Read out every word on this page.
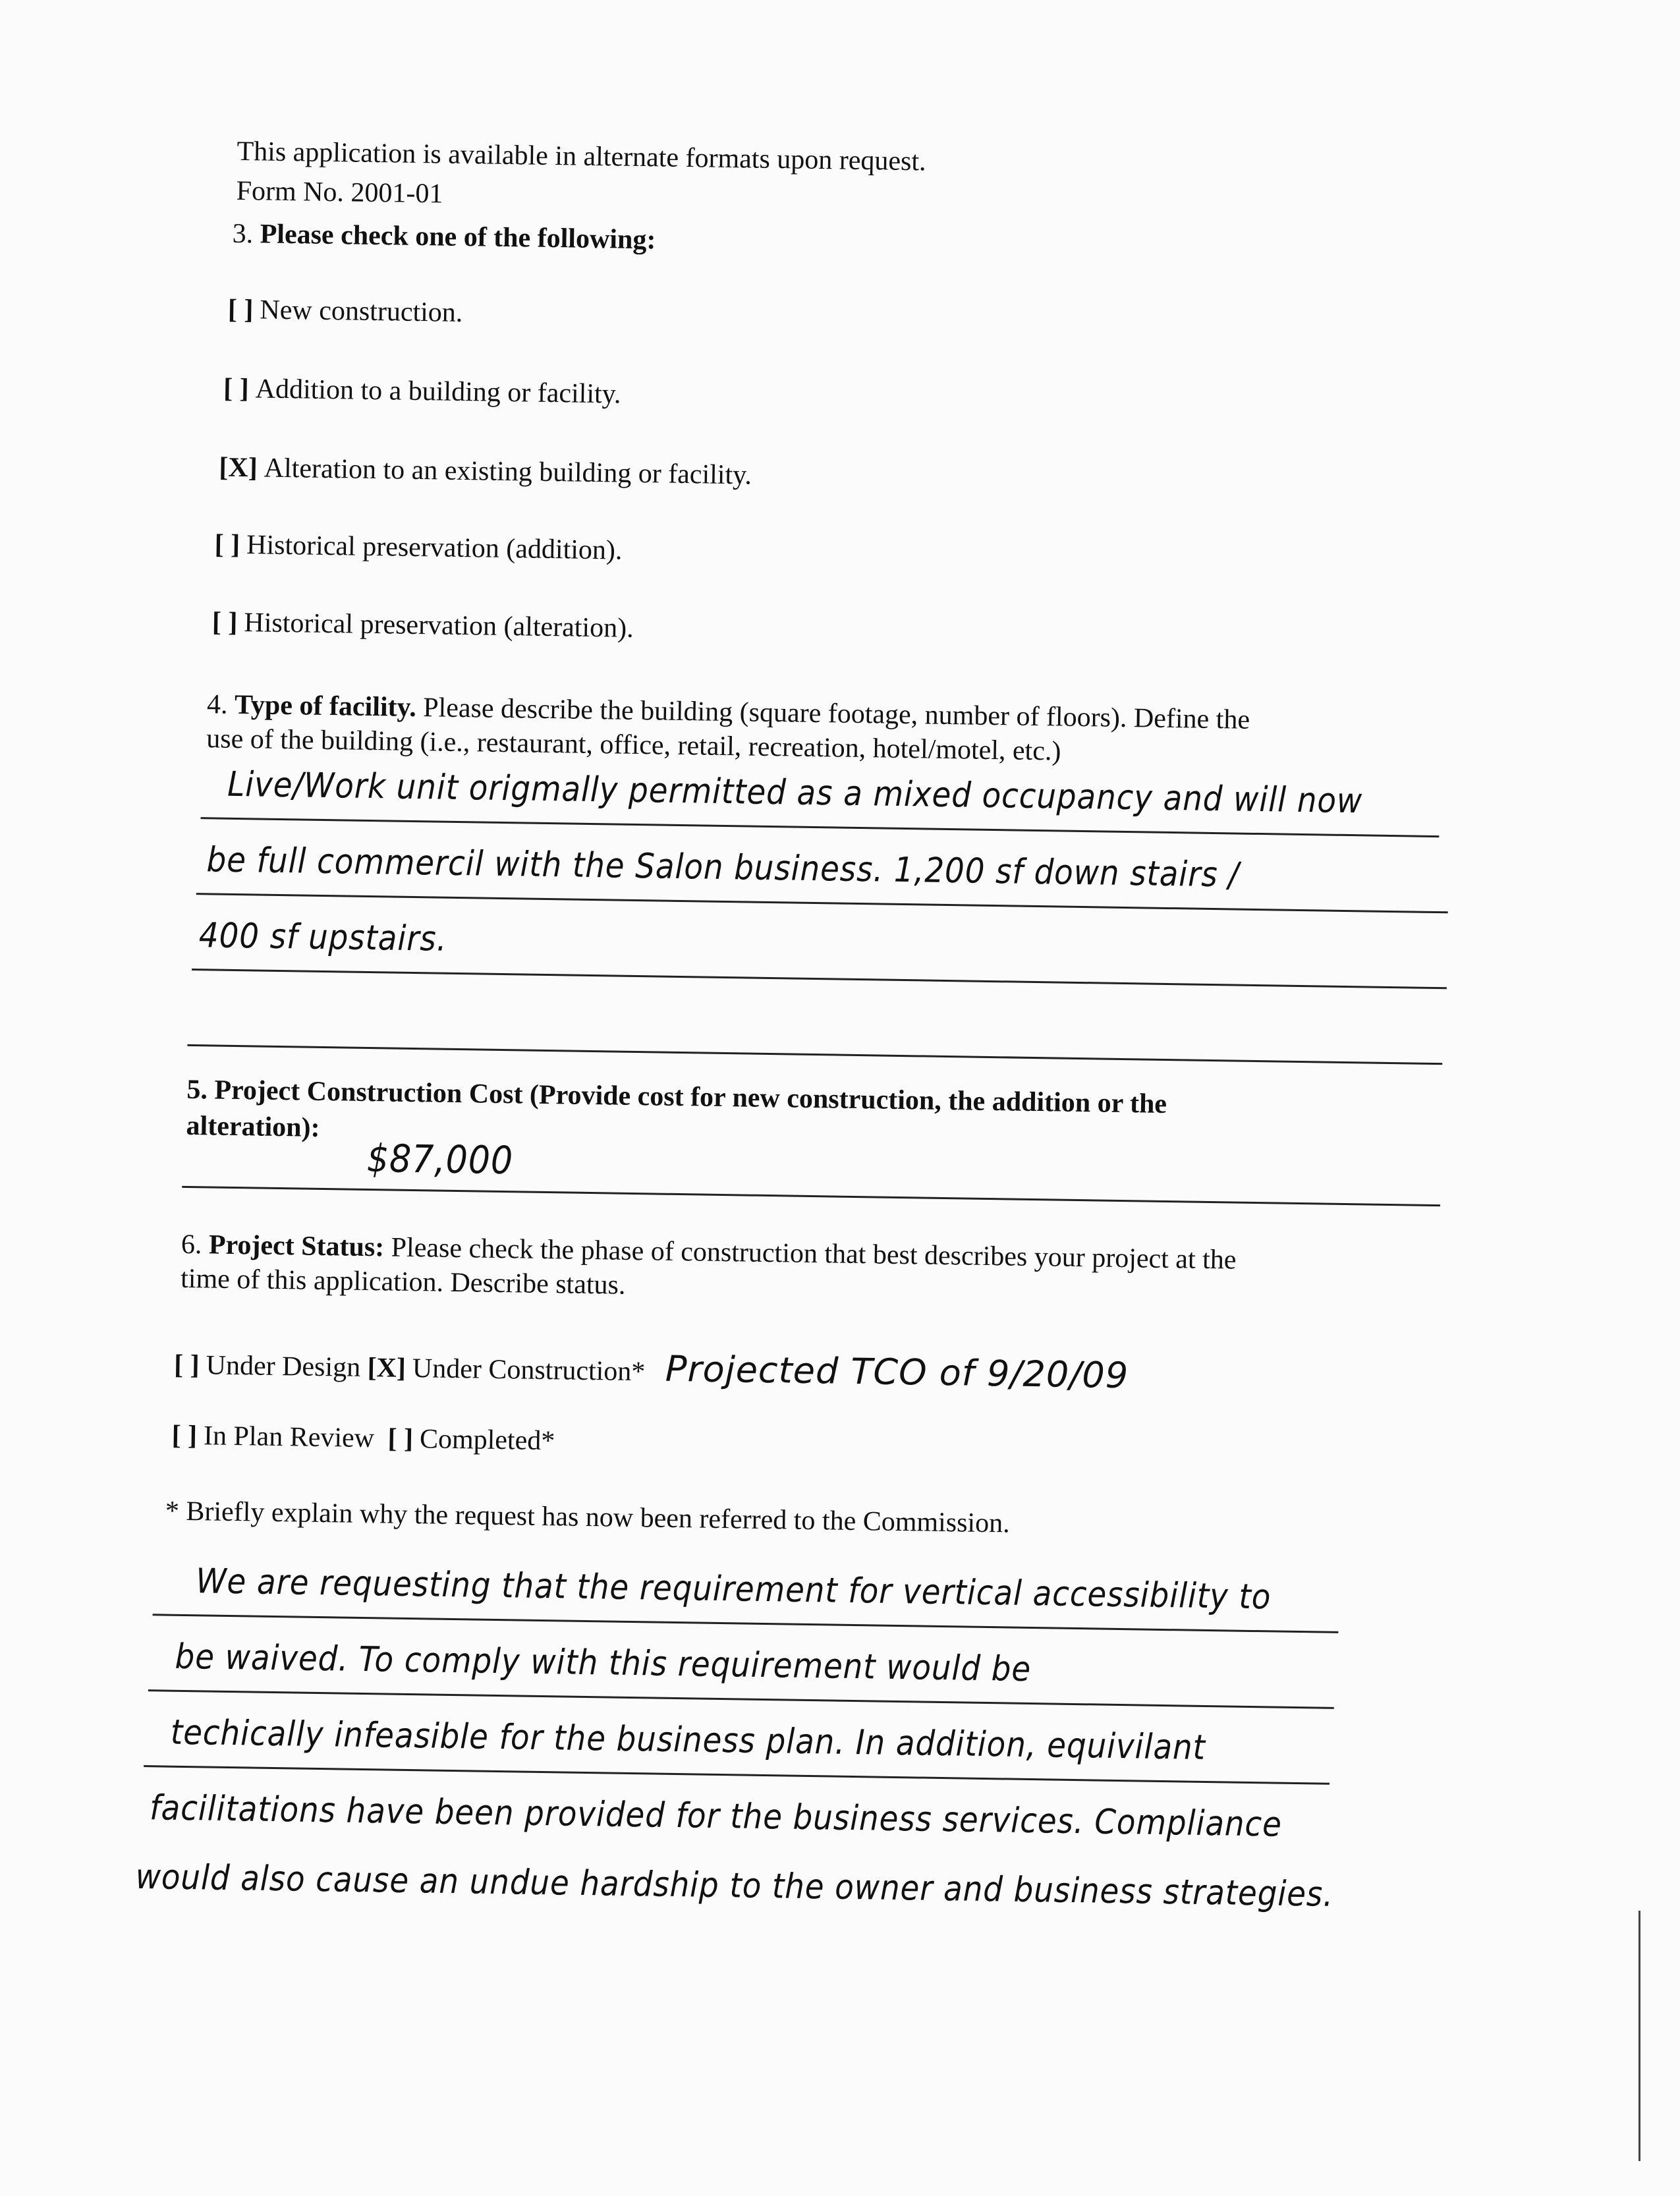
This application is available in alternate formats upon request.
Form No. 2001-01
3. Please check one of the following:
[ ] New construction.
[ ] Addition to a building or facility.
[X] Alteration to an existing building or facility.
[ ] Historical preservation (addition).
[ ] Historical preservation (alteration).
4. Type of facility. Please describe the building (square footage, number of floors). Define the
use of the building (i.e., restaurant, office, retail, recreation, hotel/motel, etc.)
Live/Work unit origmally permitted as a mixed occupancy and will now
be full commercil with the Salon business. 1,200 sf down stairs /
400 sf upstairs.
5. Project Construction Cost (Provide cost for new construction, the addition or the
alteration):
$87,000
6. Project Status: Please check the phase of construction that best describes your project at the
time of this application. Describe status.
[ ] Under Design [X] Under Construction* Projected TCO of 9/20/09
[ ] In Plan Review [ ] Completed*
* Briefly explain why the request has now been referred to the Commission.
We are requesting that the requirement for vertical accessibility to
be waived. To comply with this requirement would be
techically infeasible for the business plan. In addition, equivilant
facilitations have been provided for the business services. Compliance
would also cause an undue hardship to the owner and business strategies.
